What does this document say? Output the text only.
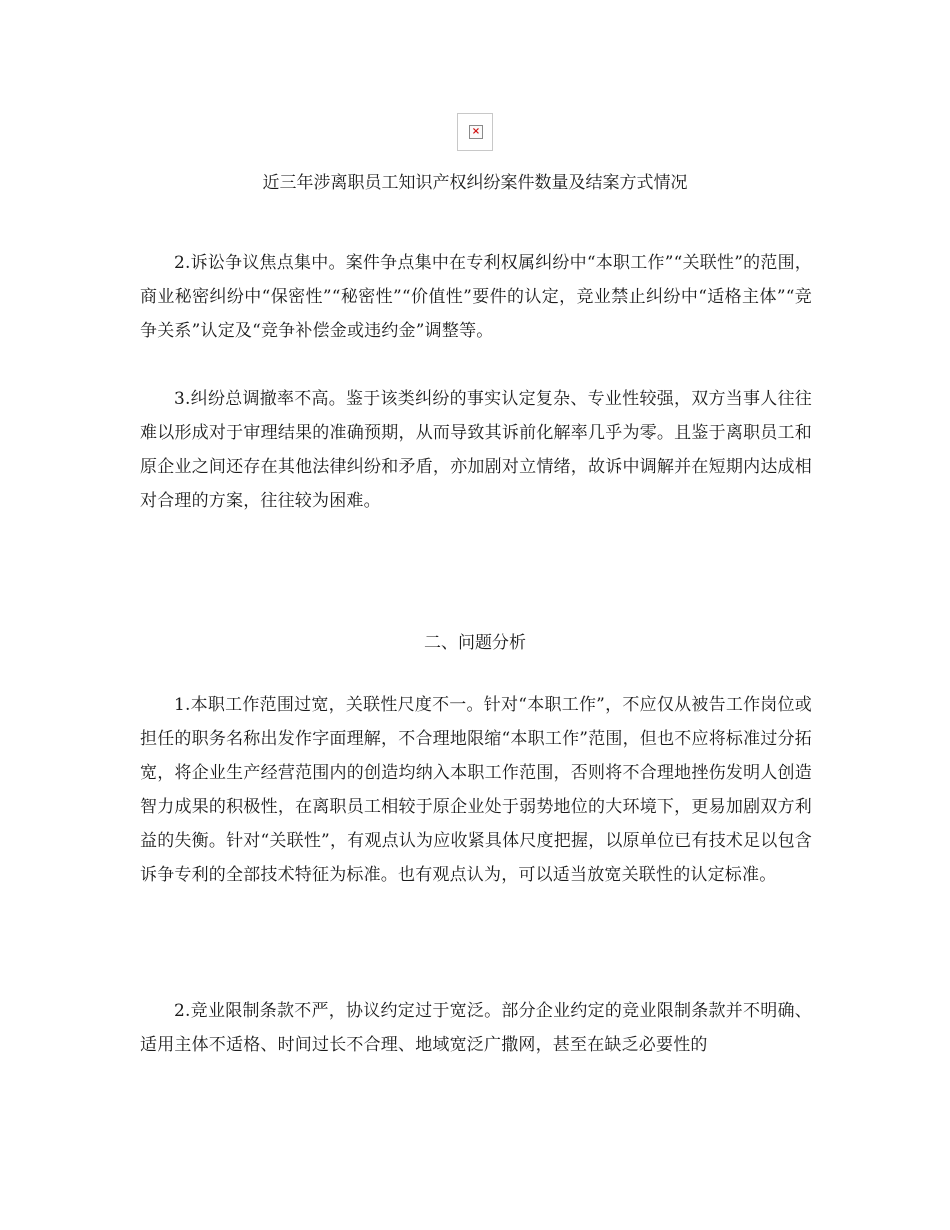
×

近三年涉离职员工知识产权纠纷案件数量及结案方式情况

2.诉讼争议焦点集中。案件争点集中在专利权属纠纷中“本职工作”“关联性”的范围，商业秘密纠纷中“保密性”“秘密性”“价值性”要件的认定，竞业禁止纠纷中“适格主体”“竞争关系”认定及“竞争补偿金或违约金”调整等。

3.纠纷总调撤率不高。鉴于该类纠纷的事实认定复杂、专业性较强，双方当事人往往难以形成对于审理结果的准确预期，从而导致其诉前化解率几乎为零。且鉴于离职员工和原企业之间还存在其他法律纠纷和矛盾，亦加剧对立情绪，故诉中调解并在短期内达成相对合理的方案，往往较为困难。

二、问题分析

1.本职工作范围过宽，关联性尺度不一。针对“本职工作”，不应仅从被告工作岗位或担任的职务名称出发作字面理解，不合理地限缩“本职工作”范围，但也不应将标准过分拓宽，将企业生产经营范围内的创造均纳入本职工作范围，否则将不合理地挫伤发明人创造智力成果的积极性，在离职员工相较于原企业处于弱势地位的大环境下，更易加剧双方利益的失衡。针对“关联性”，有观点认为应收紧具体尺度把握，以原单位已有技术足以包含诉争专利的全部技术特征为标准。也有观点认为，可以适当放宽关联性的认定标准。

2.竞业限制条款不严，协议约定过于宽泛。部分企业约定的竞业限制条款并不明确、适用主体不适格、时间过长不合理、地域宽泛广撒网，甚至在缺乏必要性的
